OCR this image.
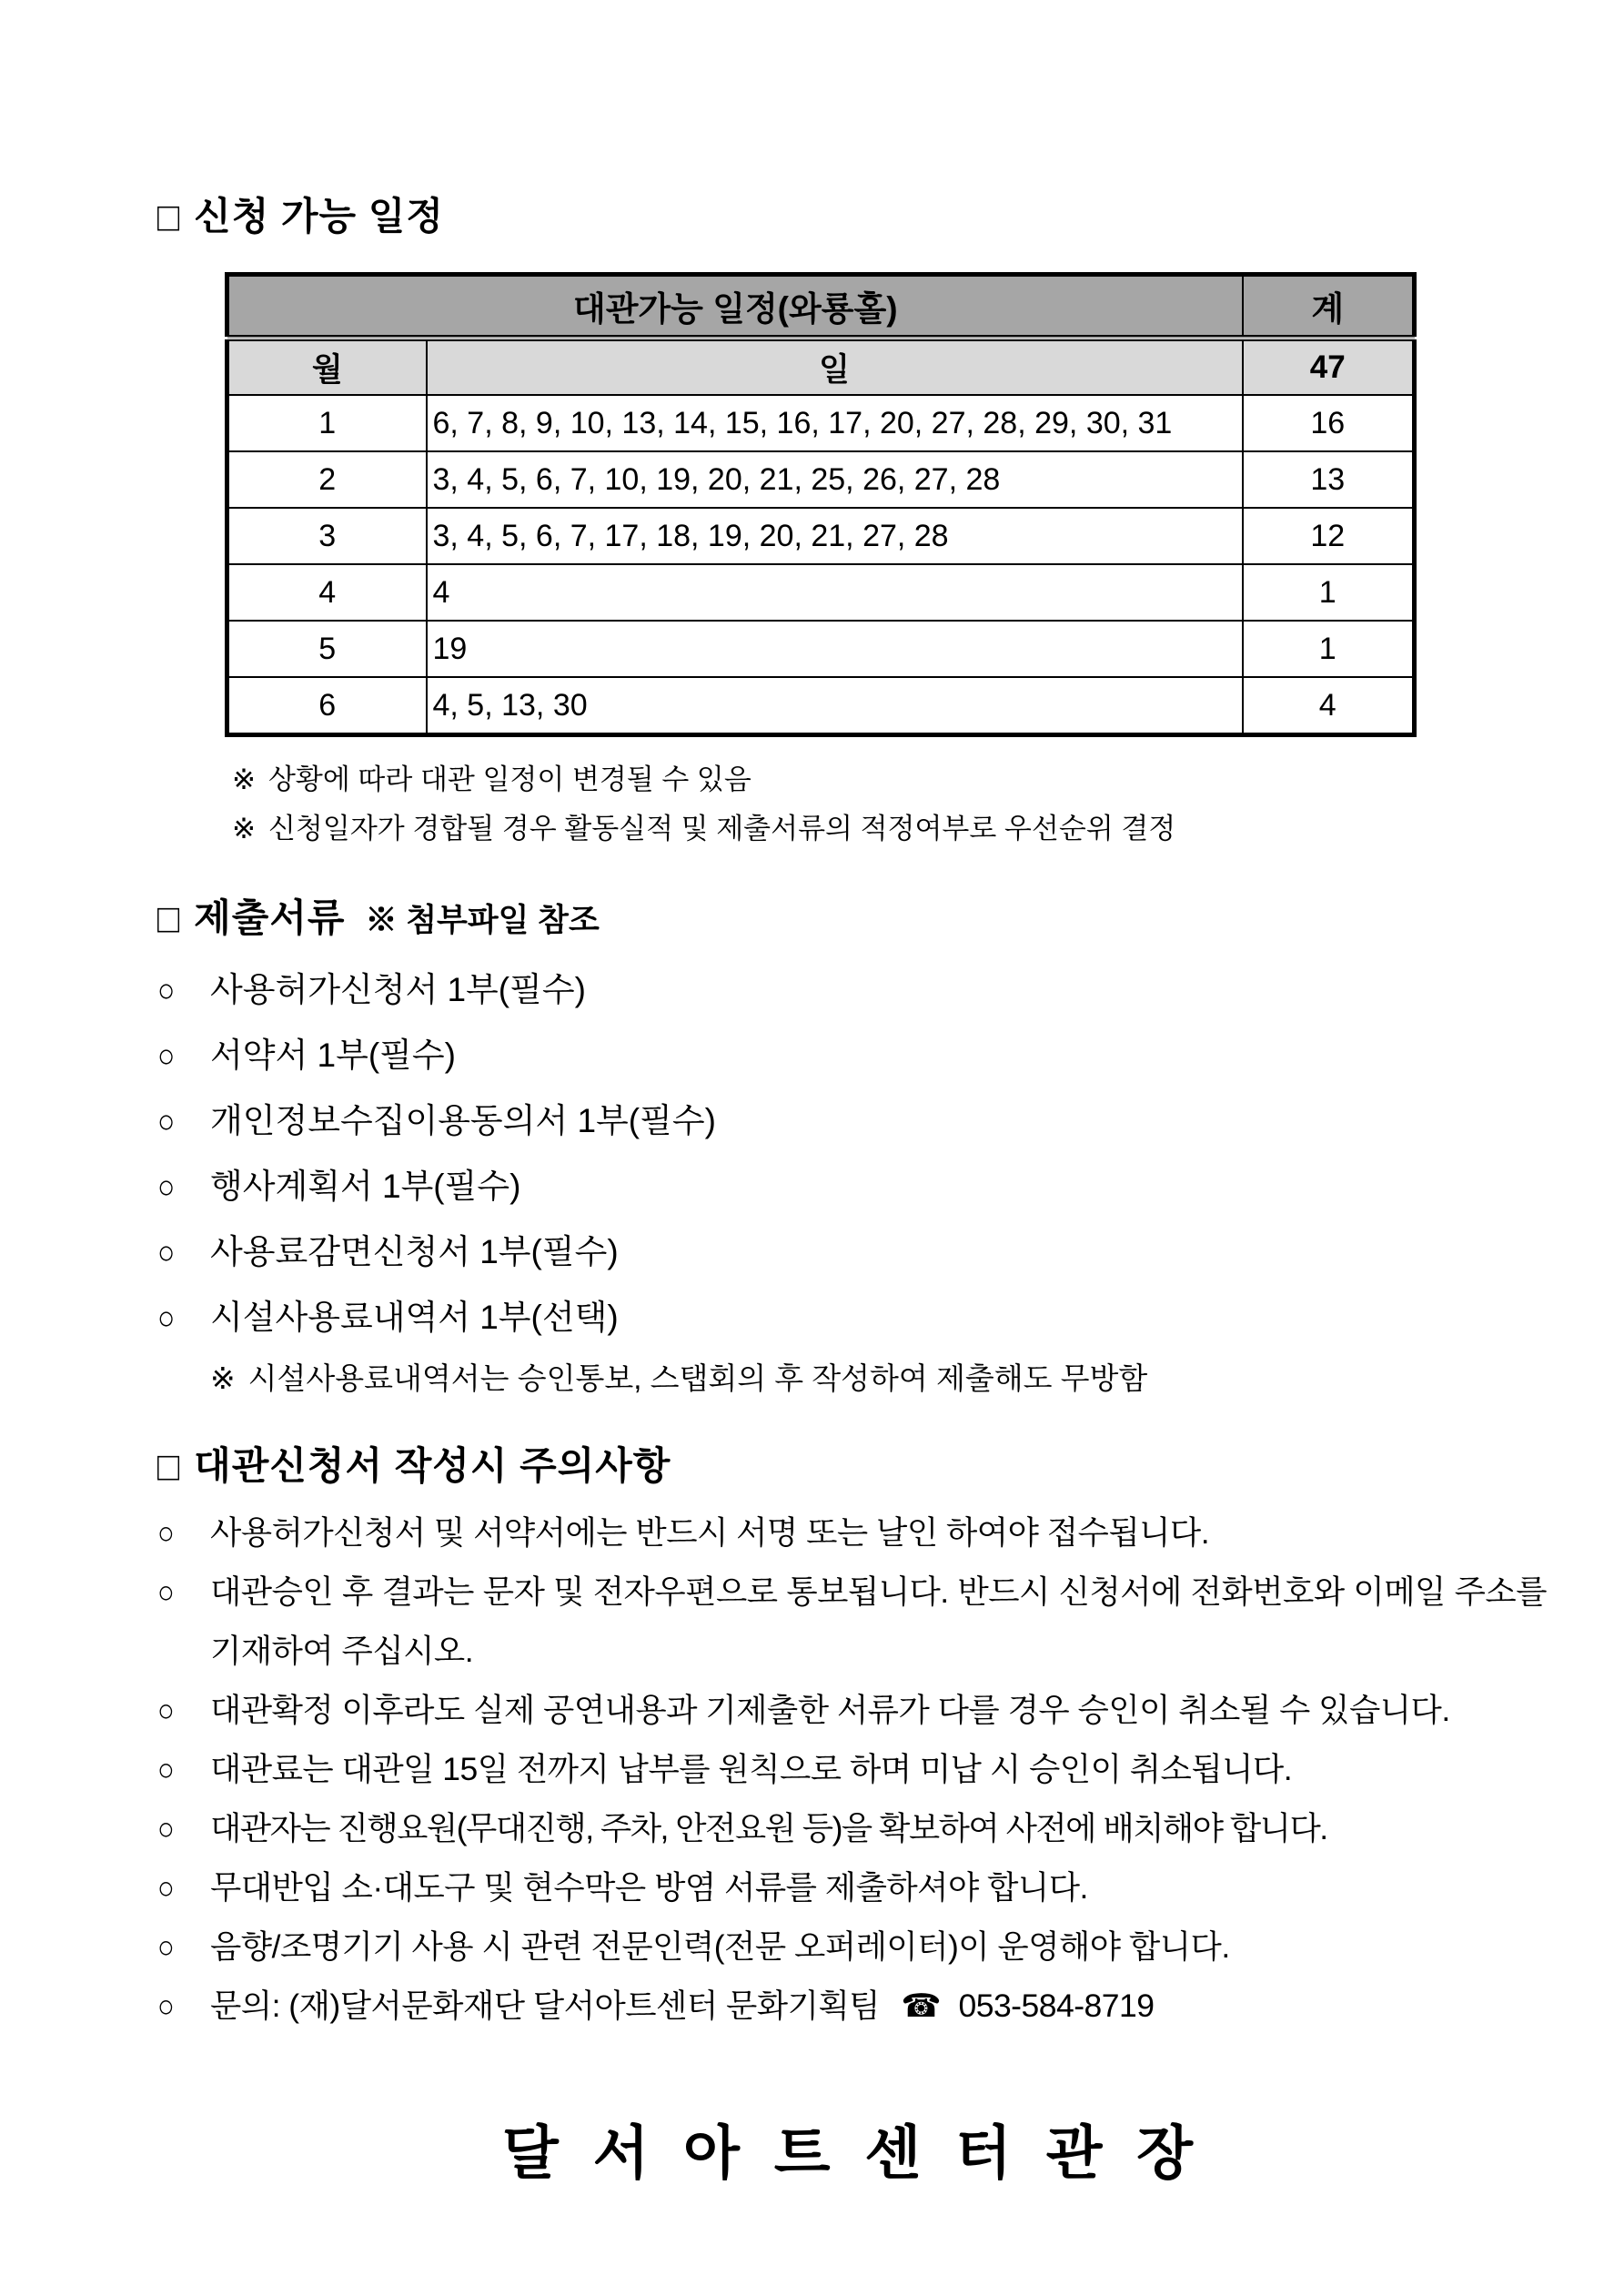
□ 신청 가능 일정
대관가능 일정(와룡홀)		계
월	일	47
1	6, 7, 8, 9, 10, 13, 14, 15, 16, 17, 20, 27, 28, 29, 30, 31	16
2	3, 4, 5, 6, 7, 10, 19, 20, 21, 25, 26, 27, 28	13
3	3, 4, 5, 6, 7, 17, 18, 19, 20, 21, 27, 28	12
4	4	1
5	19	1
6	4, 5, 13, 30	4
※ 상황에 따라 대관 일정이 변경될 수 있음
※ 신청일자가 경합될 경우 활동실적 및 제출서류의 적정여부로 우선순위 결정
□ 제출서류 ※ 첨부파일 참조
○	사용허가신청서 1부(필수)
○	서약서 1부(필수)
○	개인정보수집이용동의서 1부(필수)
○	행사계획서 1부(필수)
○	사용료감면신청서 1부(필수)
○	시설사용료내역서 1부(선택)
※ 시설사용료내역서는 승인통보, 스탭회의 후 작성하여 제출해도 무방함
□ 대관신청서 작성시 주의사항
○	사용허가신청서 및 서약서에는 반드시 서명 또는 날인 하여야 접수됩니다.
○	대관승인 후 결과는 문자 및 전자우편으로 통보됩니다. 반드시 신청서에 전화번호와 이메일 주소를 기재하여 주십시오.
○	대관확정 이후라도 실제 공연내용과 기제출한 서류가 다를 경우 승인이 취소될 수 있습니다.
○	대관료는 대관일 15일 전까지 납부를 원칙으로 하며 미납 시 승인이 취소됩니다.
○	대관자는 진행요원(무대진행, 주차, 안전요원 등)을 확보하여 사전에 배치해야 합니다.
○	무대반입 소·대도구 및 현수막은 방염 서류를 제출하셔야 합니다.
○	음향/조명기기 사용 시 관련 전문인력(전문 오퍼레이터)이 운영해야 합니다.
○	문의: (재)달서문화재단 달서아트센터 문화기획팀 ☎ 053-584-8719
달 서 아 트 센 터 관 장
